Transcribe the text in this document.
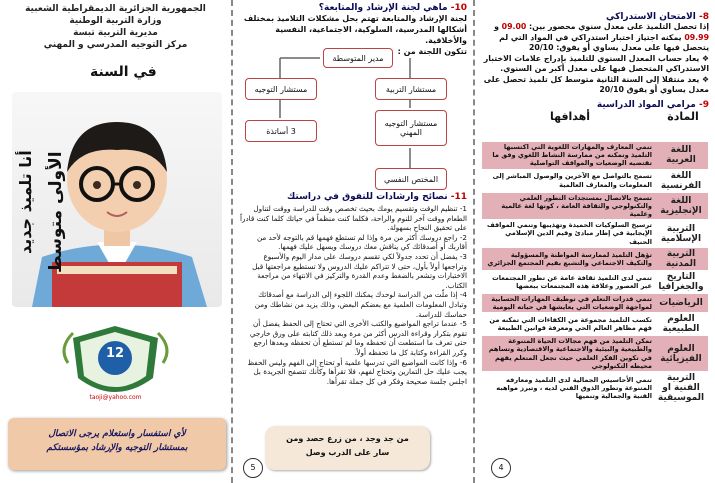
الجمهورية الجزائرية الديمقراطية الشعبية
وزارة التربية الوطنية
مديرية التربية تبسة
مركز التوجيه المدرسي و المهني
أنا تلميذ جديد الأولى متوسط
في السنة
12
taoji@yahoo.com
لأي استفسار واستعلام يرجى الاتصال
بمستشار التوجيه والإرشاد بمؤسستكم
10- ماهي لجنة الإرشاد والمتابعة؟
لجنة الإرشاد والمتابعة تهتم بحل مشكلات التلاميذ بمختلف أشكالها المدرسية، السلوكية، الاجتماعية، النفسية والأخلاقية.
تتكون اللجنة من :
مدير المتوسطة
مستشار التربية
مستشار التوجيه
مستشار التوجيه المهني
3 أساتذة
المختص النفسي
11- نصائح وارشادات للتفوق في دراستك
1- تنظيم الوقت وتقسيم يومك بحيث تخصص وقت للدراسة ووقت لتناول الطعام ووقت آخر للنوم والراحة، فكلما كنت منظماً في حياتك كلما كنت قادراً على تحقيق النجاح بسهولة.
2- راجع دروسك أكثر من مرة وإذا لم تستطع فهمها قم بالتوجه لأحد من أقاربك أو أصدقائك كي يناقش معك دروسك ويسهل عليك فهمها.
3- يفضل أن تحدد جدولاً لكي تقسم دروسك على مدار اليوم والأسبوع وتراجعها أولاً بأول، حتى لا تتراكم عليك الدروس ولا تستطيع مراجعتها قبل الاختبارات وتشعر بالضغط وعدم القدرة والتركيز في الانتهاء من مراجعة الكتاب.
4- إذا ملّت من الدراسة لوحدك يمكنك اللجوء إلى الدراسة مع أصدقائك وتبادل المعلومات العلمية مع بعضكم البعض، وذلك يزيد من نشاطك ومن حماسك للدراسة.
5- عندما تراجع المواضيع والكتب الأخرى التي تحتاج إلى الحفظ يفضل أن تقوم بتكرار وقراءة الدرس أكثر من مرة وبعد ذلك كتابته على ورق خارجي حتى تعرف ما استطعت أن تحفظه وما لم تستطع أن تحفظه وبعدها ارجع وكرر القراءة وكتابة كل ما تحفظه أولاً.
6- وإذا كانت المواضيع التي تدرسها علمية أو تحتاج إلى الفهم وليس الحفظ يجب عليك حل التمارين وتحتاج لفهم، فلا تقرأها وكأنك تتصفح الجريدة بل اجلس جلسة صحيحة وفكر في كل جملة تقرأها.
من جد وجد ، من زرع حصد ومن
سار على الدرب وصل
5
8- الامتحان الاستدراكي
إذا تحصل التلميذ على معدل سنوي محصور بين: 09.00 و 09.99 يمكنه اجتياز اختبار استدراكي في المواد التي لم يتحصل فيها على معدل يساوي أو يفوق: 20/10
❖ يعاد حساب المعدل السنوي للتلميذ بإدراج علامات الاختبار الاستدراكي المتحصل فيها على معدل أكبر من السنوي.
❖ يعد منتقلا إلى السنة الثانية متوسط كل تلميذ تحصل على معدل يساوي أو يفوق 20/10
9- مرامي المواد الدراسية
المادة
أهدافها
اللغة العربية	تنمي المعارف والمهارات اللغوية التي اكتسبها التلميذ وتمكنه من ممارسة النشاط اللغوي وفق ما تقتضيه الوضعيات والمواقف التواصلية
اللغة الفرنسية	تسمح بالتواصل مع الآخرين والوصول المباشر إلى المعلومات والمعارف العالمية
اللغة الإنجليزية	تسمح بالاتصال بمستجدات التطور العلمي والتكنولوجي والثقافة العامة ، كونها لغة عالمية وعلمية
التربية الإسلامية	ترسيخ السلوكيات الحميدة وتهذيبها وتنمي المواقف الإيجابية في إطار مبادئ وقيم الدين الإسلامي الحنيف
التربية المدنية	تؤهل التلميذ لممارسة المواطنة والمسؤولية والتكيف الاجتماعي والتشبع بقيم المجتمع الجزائري
التاريخ والجغرافيا	تنمي لدى التلميذ ثقافة عامة عن تطور المجتمعات عبر العصور وعلاقة هذه المجتمعات ببعضها
الرياضيات	تنمي قدرات التعلم في توظيف المهارات الحسابية لمواجهة الوضعيات التي يعايشها في حياته اليومية
العلوم الطبيعية	تكسب التلميذ مجموعة من الكفاءات التي تمكنه من فهم مظاهر العالم الحي ومعرفة قوانين الطبيعة
العلوم الفيزيائية	تمكن التلميذ من فهم مجالات الحياة المتنوعة والطبيعية والبيئية والاجتماعية والاقتصادية وتساهم في تكوين الفكر العلمي حيث تجعل المتعلم يفهم محيطه التكنولوجي
التربية الفنية او الموسيقية	تنمي الأحاسيس الجمالية لدى التلميذ ومعارفه المتنوعة وتطور الذوق الفني لديه ، وتبرز مواهبه الفنية والجمالية وتنميها
4
